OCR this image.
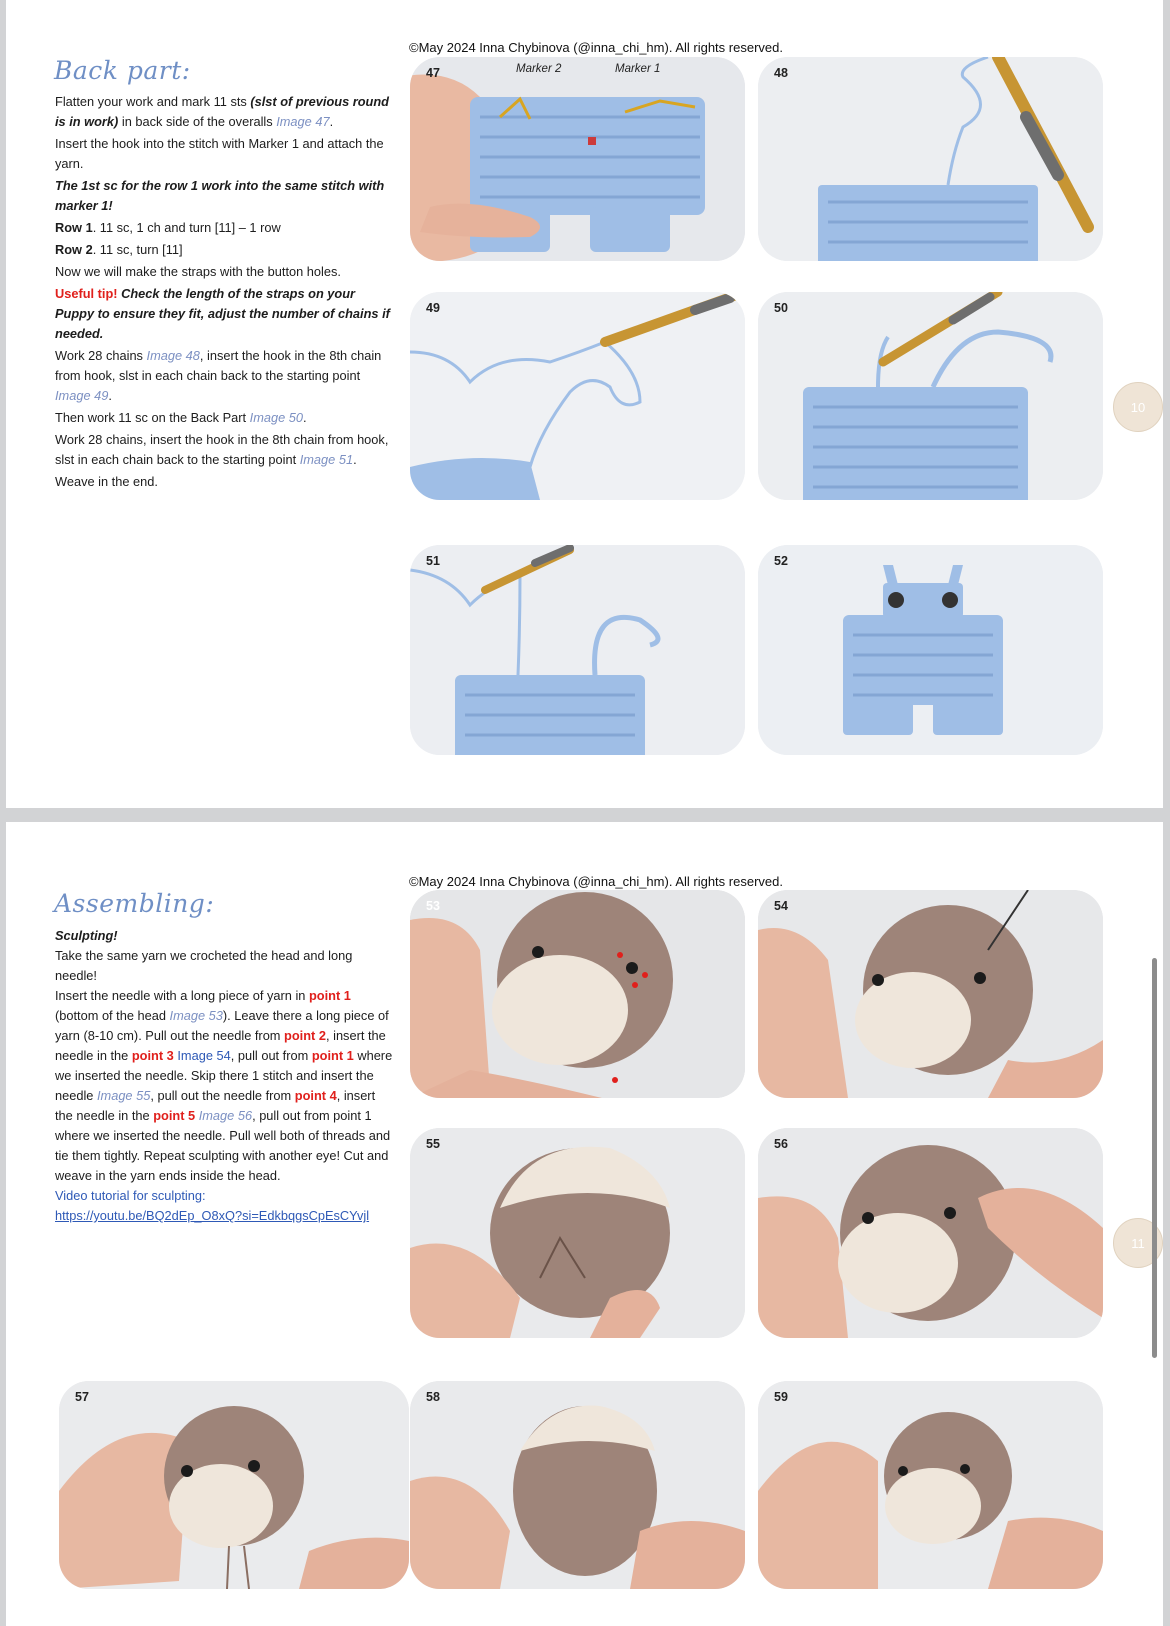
©May 2024 Inna Chybinova (@inna_chi_hm). All rights reserved.
Back part:

Flatten your work and mark 11 sts (slst of previous round is in work) in back side of the overalls Image 47.

Insert the hook into the stitch with Marker 1 and attach the yarn.

The 1st sc for the row 1 work into the same stitch with marker 1!

Row 1. 11 sc, 1 ch and turn [11] – 1 row

Row 2. 11 sc, turn [11]

Now we will make the straps with the button holes.

Useful tip! Check the length of the straps on your Puppy to ensure they fit, adjust the number of chains if needed.

Work 28 chains Image 48, insert the hook in the 8th chain from hook, slst in each chain back to the starting point Image 49.

Then work 11 sc on the Back Part Image 50.

Work 28 chains, insert the hook in the 8th chain from hook, slst in each chain back to the starting point Image 51.

Weave in the end.

47	Marker 2	Marker 1	48
49	50
51	52
10
©May 2024 Inna Chybinova (@inna_chi_hm). All rights reserved.
Assembling:

Sculpting!

Take the same yarn we crocheted the head and long needle!

Insert the needle with a long piece of yarn in point 1 (bottom of the head Image 53). Leave there a long piece of yarn (8-10 cm). Pull out the needle from point 2, insert the needle in the point 3 Image 54, pull out from point 1 where we inserted the needle. Skip there 1 stitch and insert the needle Image 55, pull out the needle from point 4, insert the needle in the point 5 Image 56, pull out from point 1 where we inserted the needle. Pull well both of threads and tie them tightly. Repeat sculpting with another eye! Cut and weave in the yarn ends inside the head.

Video tutorial for sculpting:

https://youtu.be/BQ2dEp_O8xQ?si=EdkbqgsCpEsCYvjl

53	54
55	56
57	58	59
11
